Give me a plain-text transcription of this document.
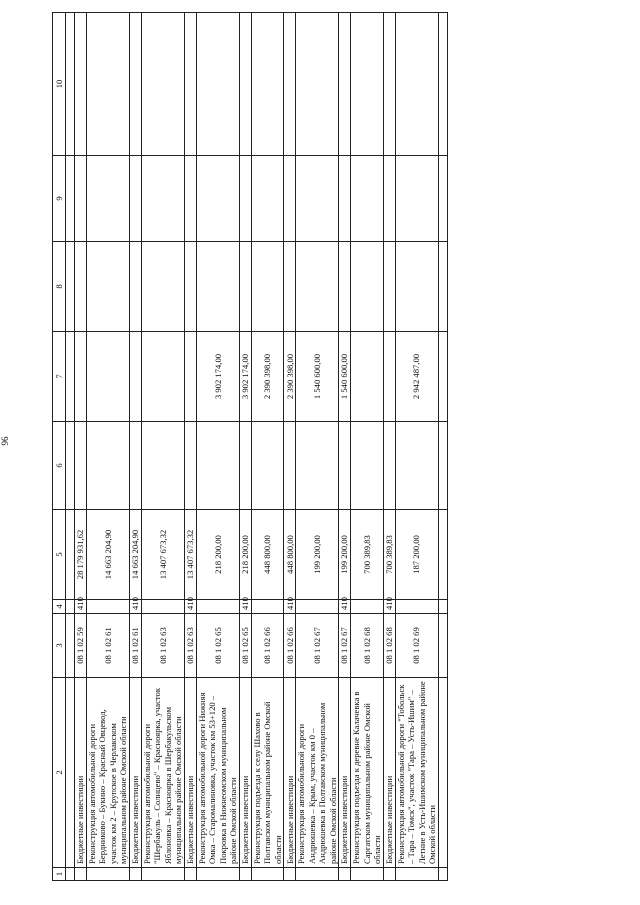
96
1	2	3	4	5	6	7	8	9	10

	Бюджетные инвестиции	08 1 02 59	410	28 179 931,62					
	Реконструкция автомобильной дороги Бердниково – Букино – Красный Овцевод, участок км 2 – Крупское в Черлакском муниципальном районе Омской области	08 1 02 61		14 663 204,90					
	Бюджетные инвестиции	08 1 02 61	410	14 663 204,90					
	Реконструкция автомобильной дороги "Шербакуль – Солнцево" – Красноярка, участок Яблоновка – Красноярка в Шербакульском муниципальном районе Омской области	08 1 02 63		13 407 673,32					
	Бюджетные инвестиции	08 1 02 63	410	13 407 673,32					
	Реконструкция автомобильной дороги Нижняя Омка – Старомалиновка, участок км 53+120 – Покровка в Нижнеомском муниципальном районе Омской области	08 1 02 65		218 200,00		3 902 174,00			
	Бюджетные инвестиции	08 1 02 65	410	218 200,00		3 902 174,00			
	Реконструкция подъезда к селу Шахово в Полтавском муниципальном районе Омской области	08 1 02 66		448 800,00		2 390 398,00			
	Бюджетные инвестиции	08 1 02 66	410	448 800,00		2 390 398,00			
	Реконструкция автомобильной дороги Андрюшевка – Крым, участок км 0 – Андрюшевка в Полтавском муниципальном районе Омской области	08 1 02 67		199 200,00		1 540 600,00			
	Бюджетные инвестиции	08 1 02 67	410	199 200,00		1 540 600,00			
	Реконструкция подъезда к деревне Калачевка в Саргатском муниципальном районе Омской области	08 1 02 68		700 389,83					
	Бюджетные инвестиции	08 1 02 68	410	700 389,83					
	Реконструкция автомобильной дороги "Тобольск – Тара – Томск", участок "Тара – Усть-Ишим" – Летние в Усть-Ишимском муниципальном районе Омской области	08 1 02 69		187 200,00		2 942 487,00			
